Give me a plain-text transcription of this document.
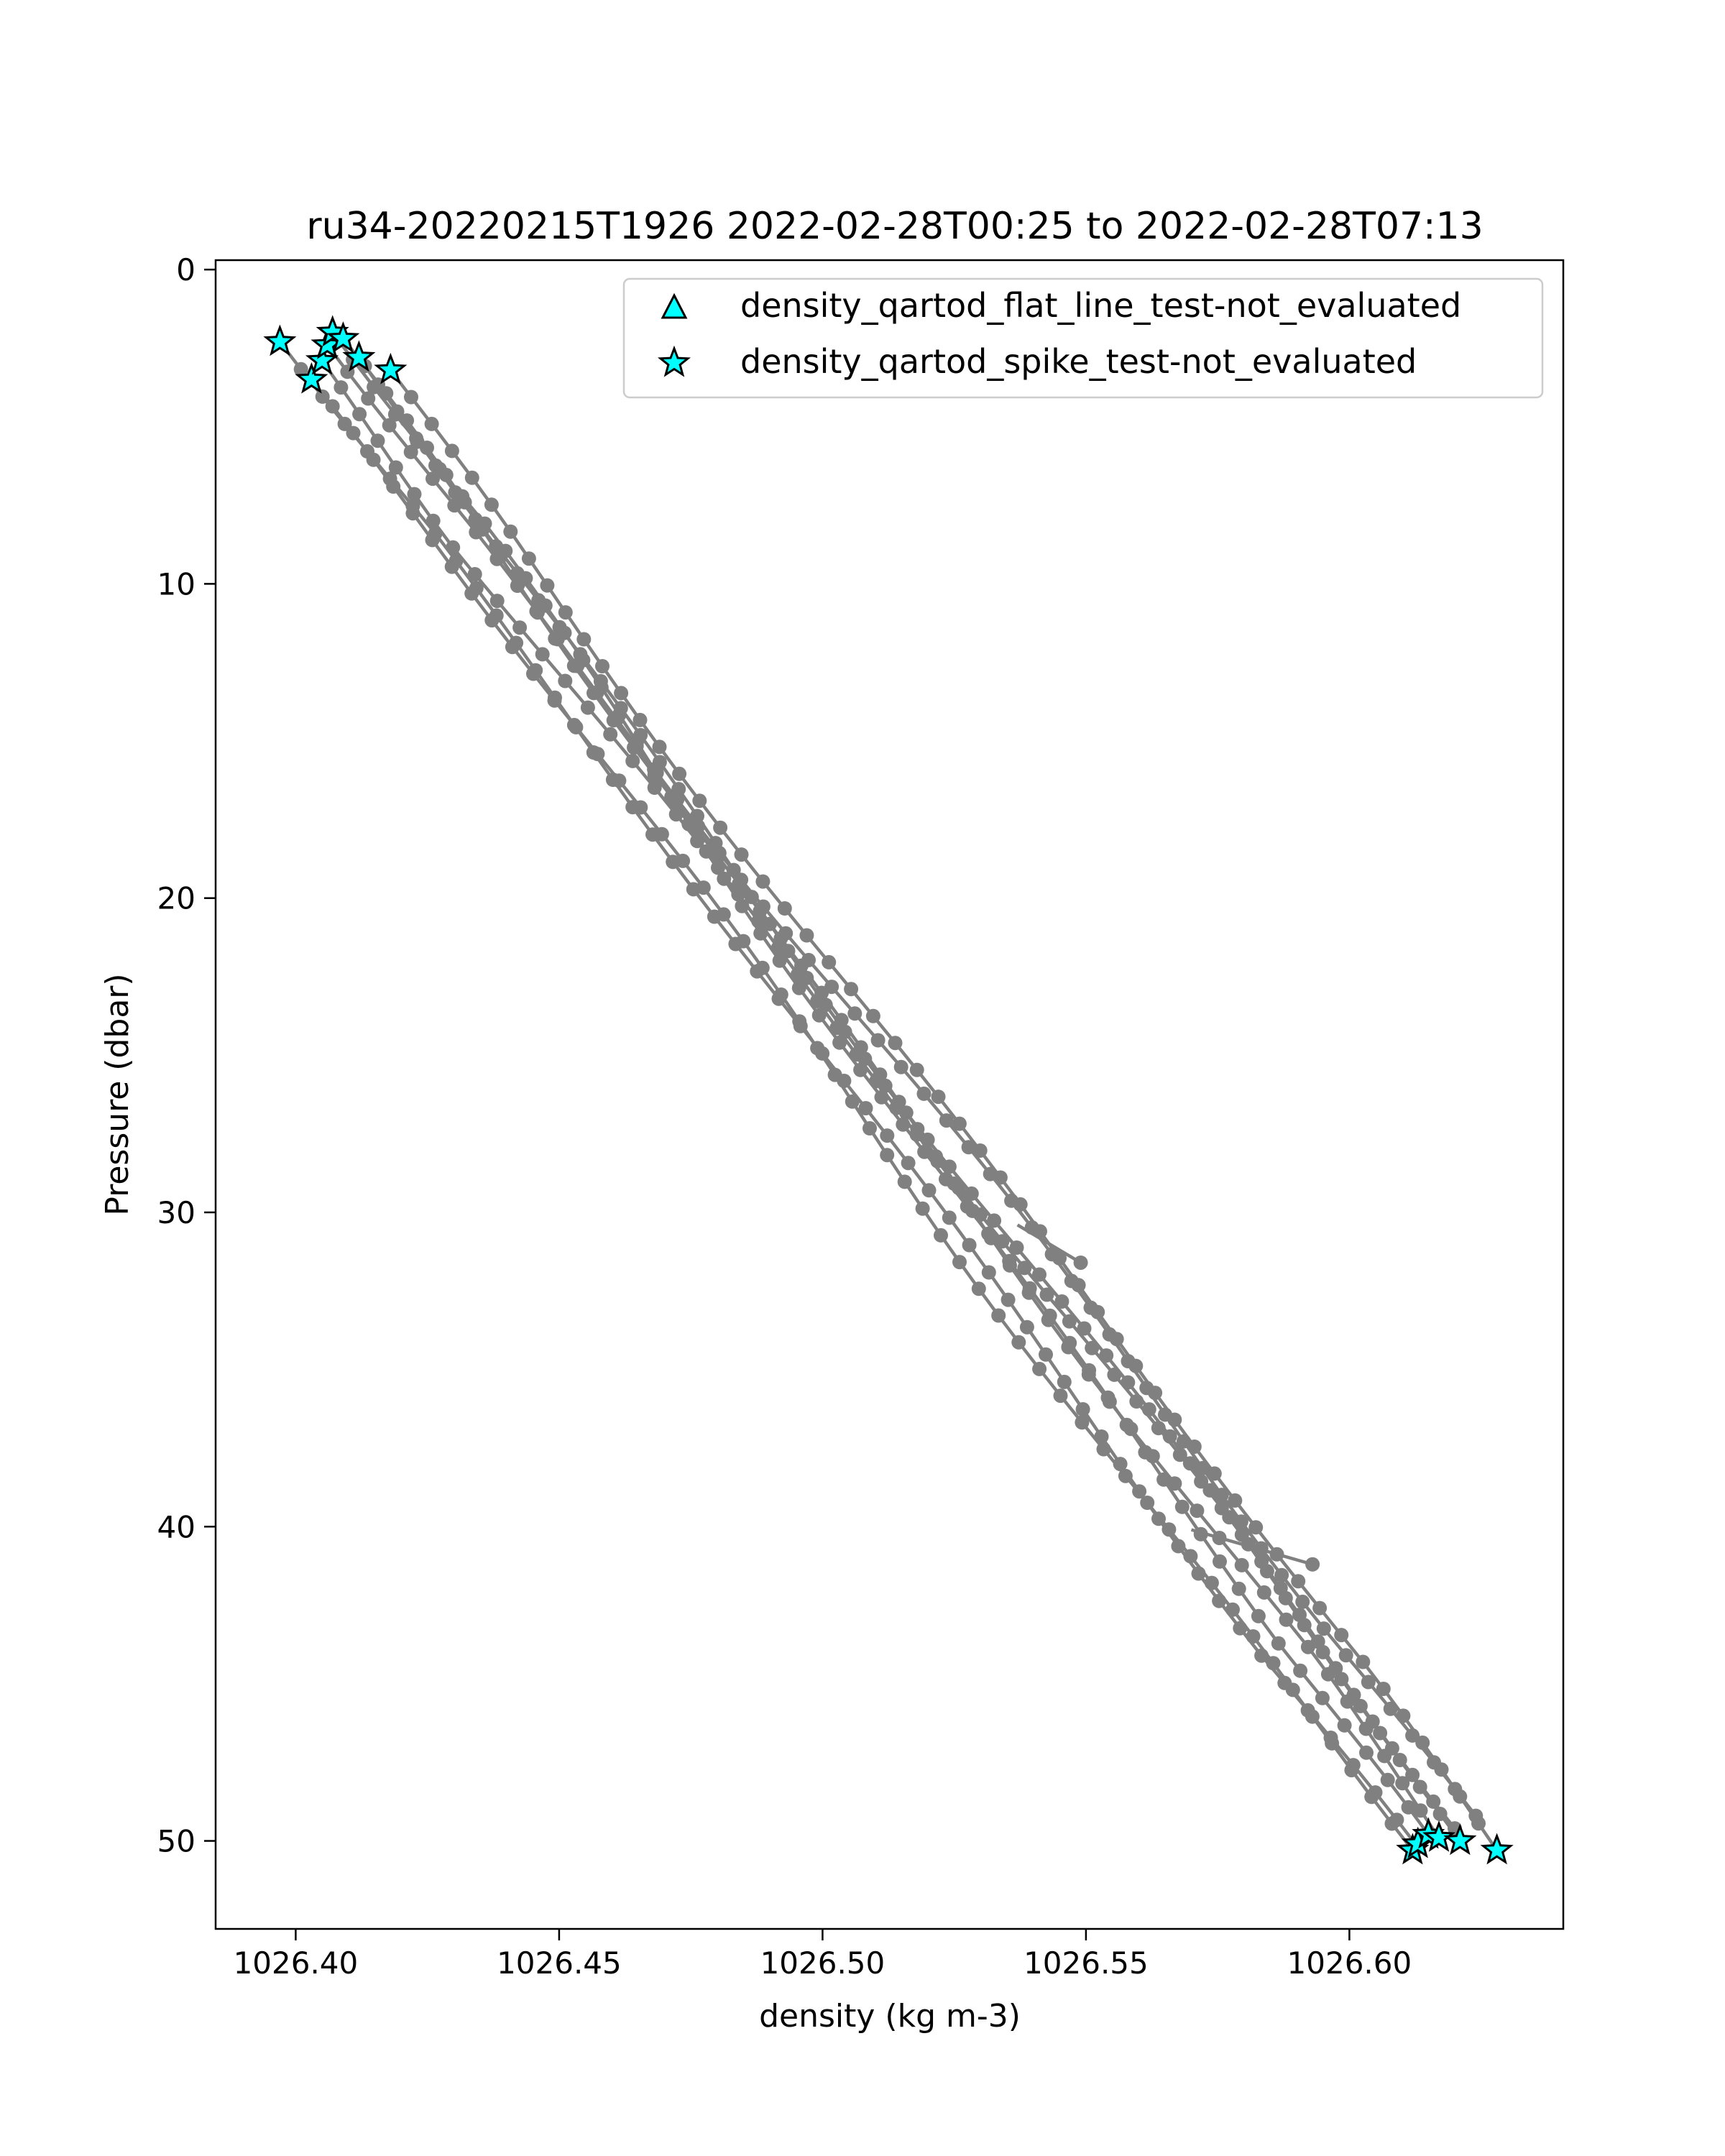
ru34-20220215T1926 2022-02-28T00:25 to 2022-02-28T07:13
1026.40	1026.45	1026.50	1026.55	1026.60
0
10
20
30
40
50
density (kg m-3)
Pressure (dbar)
density_qartod_flat_line_test-not_evaluated
density_qartod_spike_test-not_evaluated
